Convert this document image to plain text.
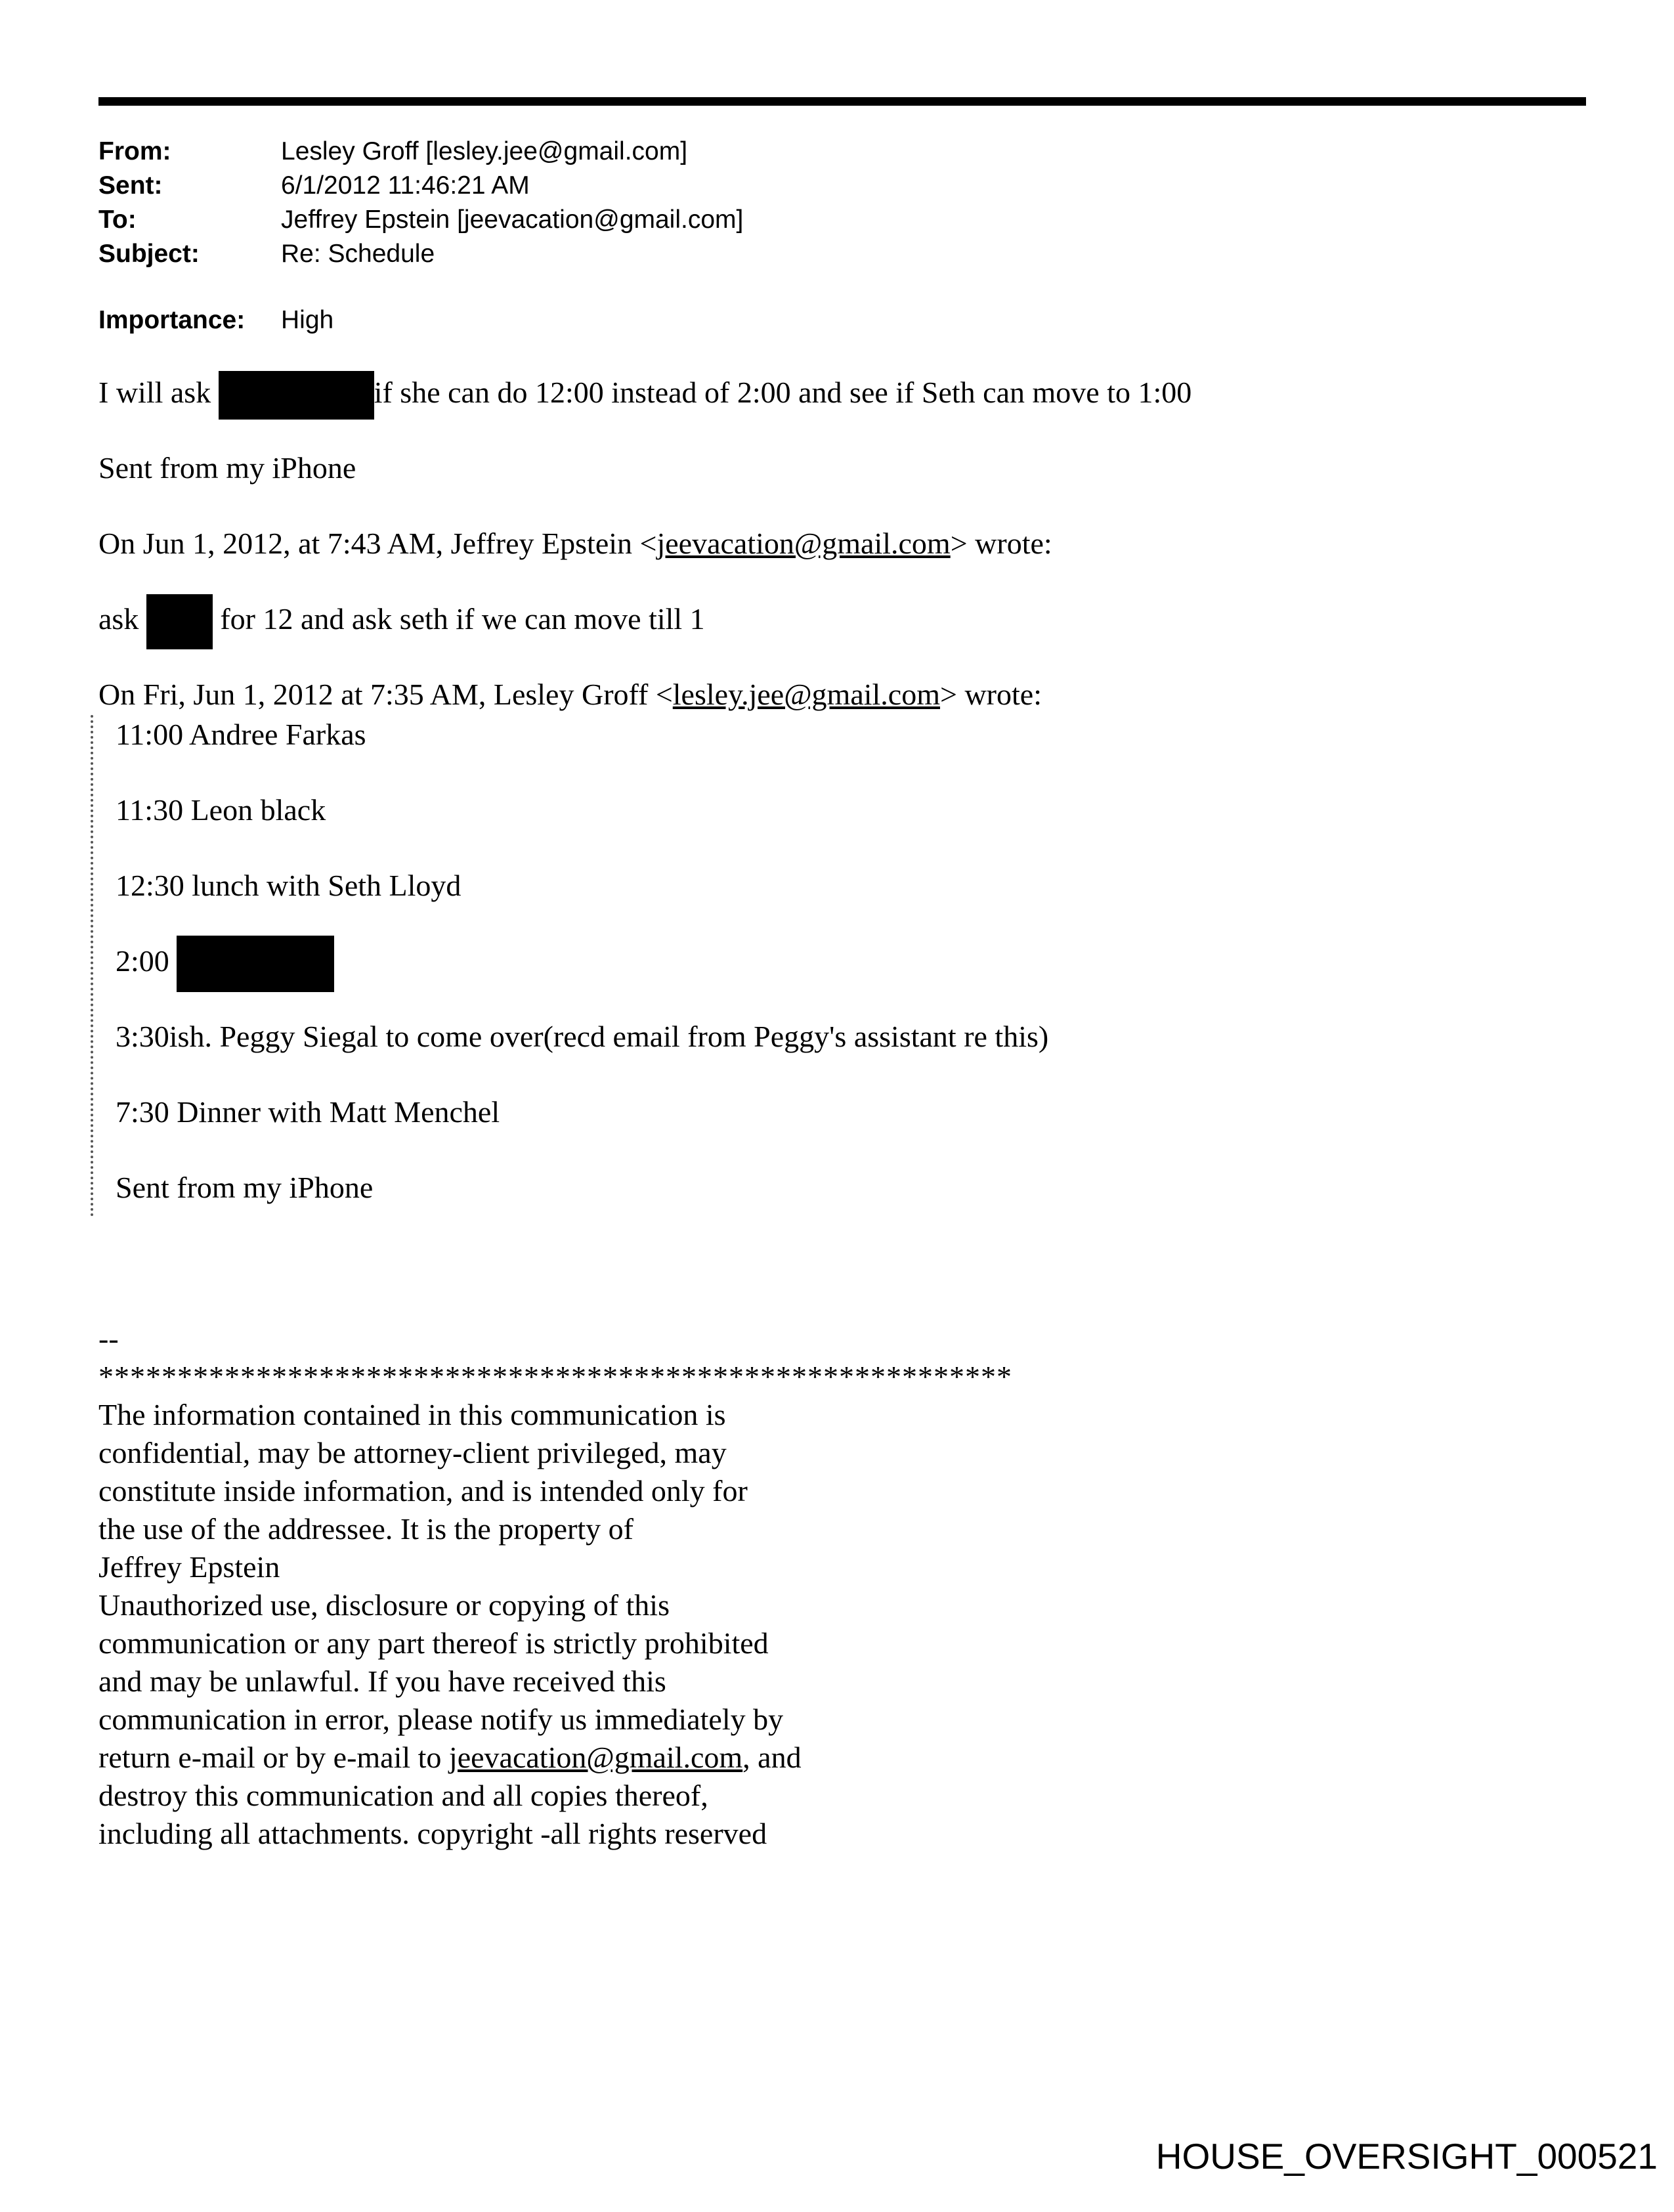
From:	Lesley Groff [lesley.jee@gmail.com]
Sent:	6/1/2012 11:46:21 AM
To:	Jeffrey Epstein [jeevacation@gmail.com]
Subject:	Re: Schedule
Importance:	High

I will ask	if she can do 12:00 instead of 2:00 and see if Seth can move to 1:00

Sent from my iPhone

On Jun 1, 2012, at 7:43 AM, Jeffrey Epstein <jeevacation@gmail.com> wrote:

ask  for 12 and ask seth if we can move till 1

On Fri, Jun 1, 2012 at 7:35 AM, Lesley Groff <lesley.jee@gmail.com> wrote:

11:00 Andree Farkas

11:30 Leon black

12:30 lunch with Seth Lloyd

2:00

3:30ish. Peggy Siegal to come over(recd email from Peggy's assistant re this)

7:30 Dinner with Matt Menchel

Sent from my iPhone

--

**********************************************************

The information contained in this communication is

confidential, may be attorney-client privileged, may

constitute inside information, and is intended only for

the use of the addressee. It is the property of

Jeffrey Epstein

Unauthorized use, disclosure or copying of this

communication or any part thereof is strictly prohibited

and may be unlawful. If you have received this

communication in error, please notify us immediately by

return e-mail or by e-mail to jeevacation@gmail.com, and

destroy this communication and all copies thereof,

including all attachments. copyright -all rights reserved

HOUSE_OVERSIGHT_000521
